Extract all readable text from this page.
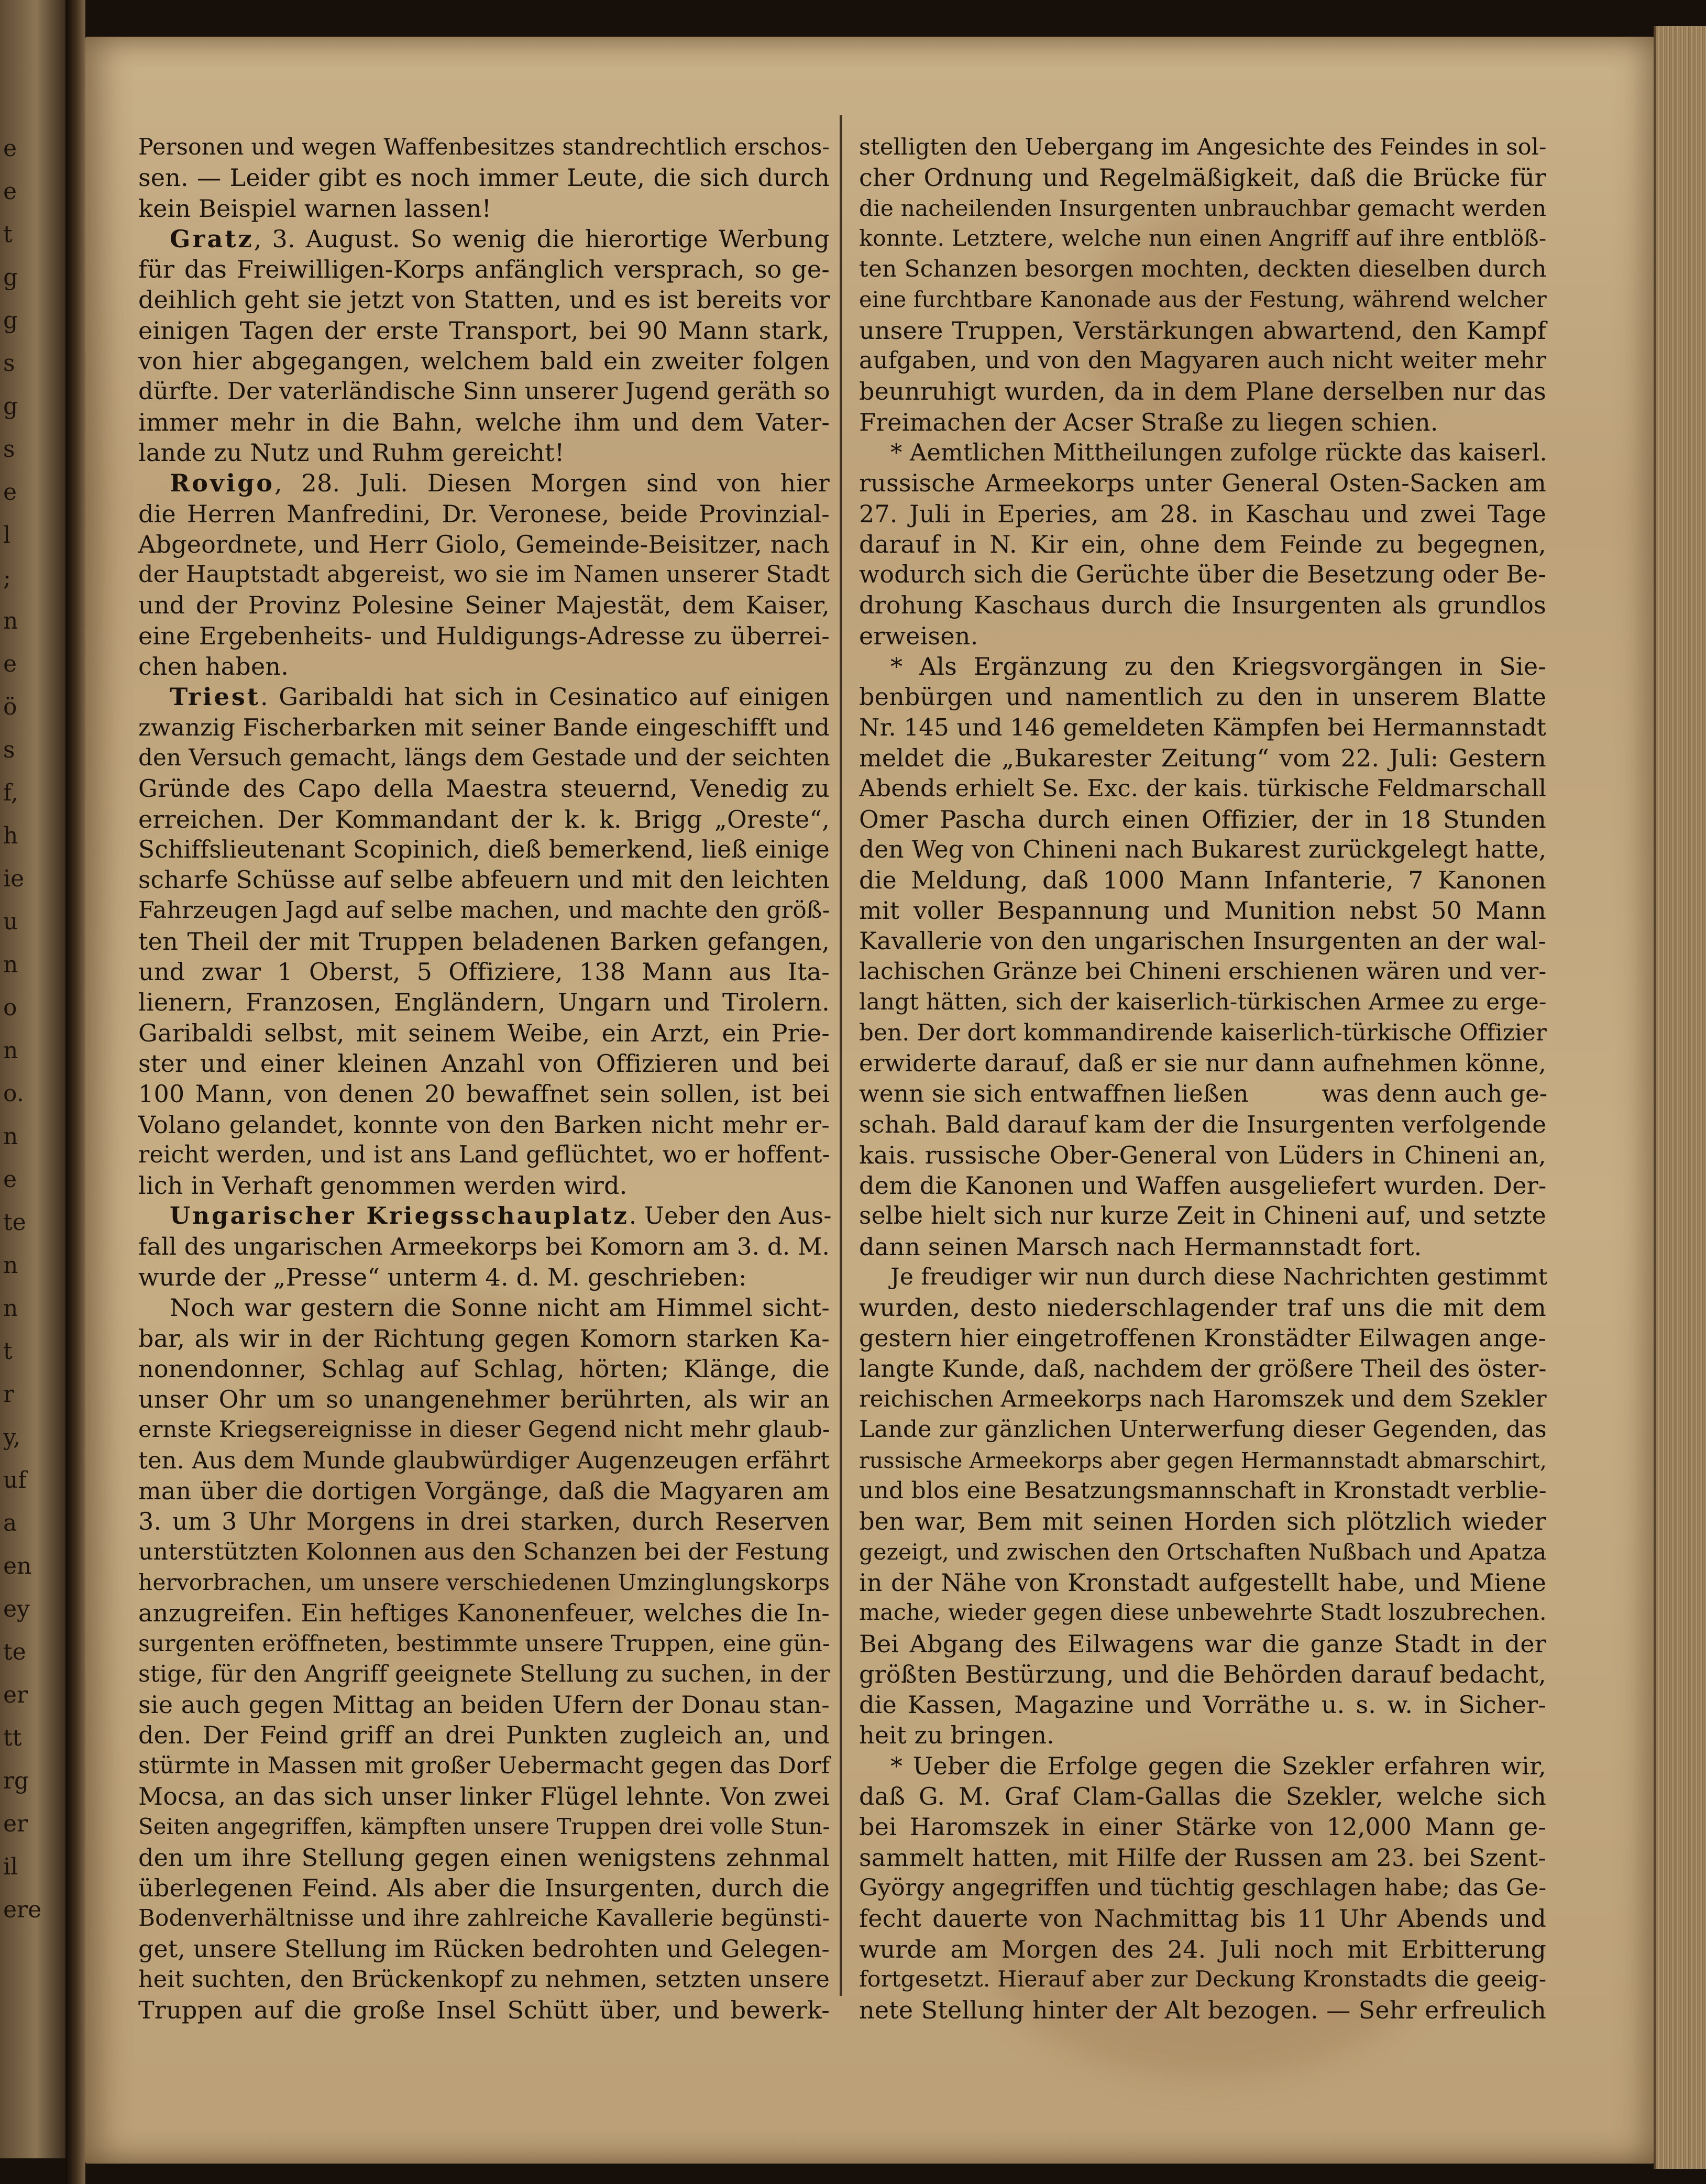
e
e
t
g
g
s
g
s
e
l
;
n
e
ö
s
f,
h
ie
u
n
o
n
o.
n
e
te
n
n
t
r
y,
uf
a
en
ey
te
er
tt
rg
er
il
ere
Personen und wegen Waffenbesitzes standrechtlich erschos-
sen. — Leider gibt es noch immer Leute, die sich durch
kein Beispiel warnen lassen!
Gratz, 3. August. So wenig die hierortige Werbung
für das Freiwilligen-Korps anfänglich versprach, so ge-
deihlich geht sie jetzt von Statten, und es ist bereits vor
einigen Tagen der erste Transport, bei 90 Mann stark,
von hier abgegangen, welchem bald ein zweiter folgen
dürfte. Der vaterländische Sinn unserer Jugend geräth so
immer mehr in die Bahn, welche ihm und dem Vater-
lande zu Nutz und Ruhm gereicht!
Rovigo, 28. Juli. Diesen Morgen sind von hier
die Herren Manfredini, Dr. Veronese, beide Provinzial-
Abgeordnete, und Herr Giolo, Gemeinde-Beisitzer, nach
der Hauptstadt abgereist, wo sie im Namen unserer Stadt
und der Provinz Polesine Seiner Majestät, dem Kaiser,
eine Ergebenheits- und Huldigungs-Adresse zu überrei-
chen haben.
Triest. Garibaldi hat sich in Cesinatico auf einigen
zwanzig Fischerbarken mit seiner Bande eingeschifft und
den Versuch gemacht, längs dem Gestade und der seichten
Gründe des Capo della Maestra steuernd, Venedig zu
erreichen. Der Kommandant der k. k. Brigg „Oreste“,
Schiffslieutenant Scopinich, dieß bemerkend, ließ einige
scharfe Schüsse auf selbe abfeuern und mit den leichten
Fahrzeugen Jagd auf selbe machen, und machte den größ-
ten Theil der mit Truppen beladenen Barken gefangen,
und zwar 1 Oberst, 5 Offiziere, 138 Mann aus Ita-
lienern, Franzosen, Engländern, Ungarn und Tirolern.
Garibaldi selbst, mit seinem Weibe, ein Arzt, ein Prie-
ster und einer kleinen Anzahl von Offizieren und bei
100 Mann, von denen 20 bewaffnet sein sollen, ist bei
Volano gelandet, konnte von den Barken nicht mehr er-
reicht werden, und ist ans Land geflüchtet, wo er hoffent-
lich in Verhaft genommen werden wird.
Ungarischer Kriegsschauplatz. Ueber den Aus-
fall des ungarischen Armeekorps bei Komorn am 3. d. M.
wurde der „Presse“ unterm 4. d. M. geschrieben:
Noch war gestern die Sonne nicht am Himmel sicht-
bar, als wir in der Richtung gegen Komorn starken Ka-
nonendonner, Schlag auf Schlag, hörten; Klänge, die
unser Ohr um so unangenehmer berührten, als wir an
ernste Kriegsereignisse in dieser Gegend nicht mehr glaub-
ten. Aus dem Munde glaubwürdiger Augenzeugen erfährt
man über die dortigen Vorgänge, daß die Magyaren am
3. um 3 Uhr Morgens in drei starken, durch Reserven
unterstützten Kolonnen aus den Schanzen bei der Festung
hervorbrachen, um unsere verschiedenen Umzinglungskorps
anzugreifen. Ein heftiges Kanonenfeuer, welches die In-
surgenten eröffneten, bestimmte unsere Truppen, eine gün-
stige, für den Angriff geeignete Stellung zu suchen, in der
sie auch gegen Mittag an beiden Ufern der Donau stan-
den. Der Feind griff an drei Punkten zugleich an, und
stürmte in Massen mit großer Uebermacht gegen das Dorf
Mocsa, an das sich unser linker Flügel lehnte. Von zwei
Seiten angegriffen, kämpften unsere Truppen drei volle Stun-
den um ihre Stellung gegen einen wenigstens zehnmal
überlegenen Feind. Als aber die Insurgenten, durch die
Bodenverhältnisse und ihre zahlreiche Kavallerie begünsti-
get, unsere Stellung im Rücken bedrohten und Gelegen-
heit suchten, den Brückenkopf zu nehmen, setzten unsere
Truppen auf die große Insel Schütt über, und bewerk-
stelligten den Uebergang im Angesichte des Feindes in sol-
cher Ordnung und Regelmäßigkeit, daß die Brücke für
die nacheilenden Insurgenten unbrauchbar gemacht werden
konnte. Letztere, welche nun einen Angriff auf ihre entblöß-
ten Schanzen besorgen mochten, deckten dieselben durch
eine furchtbare Kanonade aus der Festung, während welcher
unsere Truppen, Verstärkungen abwartend, den Kampf
aufgaben, und von den Magyaren auch nicht weiter mehr
beunruhigt wurden, da in dem Plane derselben nur das
Freimachen der Acser Straße zu liegen schien.
* Aemtlichen Mittheilungen zufolge rückte das kaiserl.
russische Armeekorps unter General Osten-Sacken am
27. Juli in Eperies, am 28. in Kaschau und zwei Tage
darauf in N. Kir ein, ohne dem Feinde zu begegnen,
wodurch sich die Gerüchte über die Besetzung oder Be-
drohung Kaschaus durch die Insurgenten als grundlos
erweisen.
* Als Ergänzung zu den Kriegsvorgängen in Sie-
benbürgen und namentlich zu den in unserem Blatte
Nr. 145 und 146 gemeldeten Kämpfen bei Hermannstadt
meldet die „Bukarester Zeitung“ vom 22. Juli: Gestern
Abends erhielt Se. Exc. der kais. türkische Feldmarschall
Omer Pascha durch einen Offizier, der in 18 Stunden
den Weg von Chineni nach Bukarest zurückgelegt hatte,
die Meldung, daß 1000 Mann Infanterie, 7 Kanonen
mit voller Bespannung und Munition nebst 50 Mann
Kavallerie von den ungarischen Insurgenten an der wal-
lachischen Gränze bei Chineni erschienen wären und ver-
langt hätten, sich der kaiserlich-türkischen Armee zu erge-
ben. Der dort kommandirende kaiserlich-türkische Offizier
erwiderte darauf, daß er sie nur dann aufnehmen könne,
wenn sie sich entwaffnen ließen	was denn auch ge-
schah. Bald darauf kam der die Insurgenten verfolgende
kais. russische Ober-General von Lüders in Chineni an,
dem die Kanonen und Waffen ausgeliefert wurden. Der-
selbe hielt sich nur kurze Zeit in Chineni auf, und setzte
dann seinen Marsch nach Hermannstadt fort.
Je freudiger wir nun durch diese Nachrichten gestimmt
wurden, desto niederschlagender traf uns die mit dem
gestern hier eingetroffenen Kronstädter Eilwagen ange-
langte Kunde, daß, nachdem der größere Theil des öster-
reichischen Armeekorps nach Haromszek und dem Szekler
Lande zur gänzlichen Unterwerfung dieser Gegenden, das
russische Armeekorps aber gegen Hermannstadt abmarschirt,
und blos eine Besatzungsmannschaft in Kronstadt verblie-
ben war, Bem mit seinen Horden sich plötzlich wieder
gezeigt, und zwischen den Ortschaften Nußbach und Apatza
in der Nähe von Kronstadt aufgestellt habe, und Miene
mache, wieder gegen diese unbewehrte Stadt loszubrechen.
Bei Abgang des Eilwagens war die ganze Stadt in der
größten Bestürzung, und die Behörden darauf bedacht,
die Kassen, Magazine und Vorräthe u. s. w. in Sicher-
heit zu bringen.
* Ueber die Erfolge gegen die Szekler erfahren wir,
daß G. M. Graf Clam-Gallas die Szekler, welche sich
bei Haromszek in einer Stärke von 12,000 Mann ge-
sammelt hatten, mit Hilfe der Russen am 23. bei Szent-
György angegriffen und tüchtig geschlagen habe; das Ge-
fecht dauerte von Nachmittag bis 11 Uhr Abends und
wurde am Morgen des 24. Juli noch mit Erbitterung
fortgesetzt. Hierauf aber zur Deckung Kronstadts die geeig-
nete Stellung hinter der Alt bezogen. — Sehr erfreulich
